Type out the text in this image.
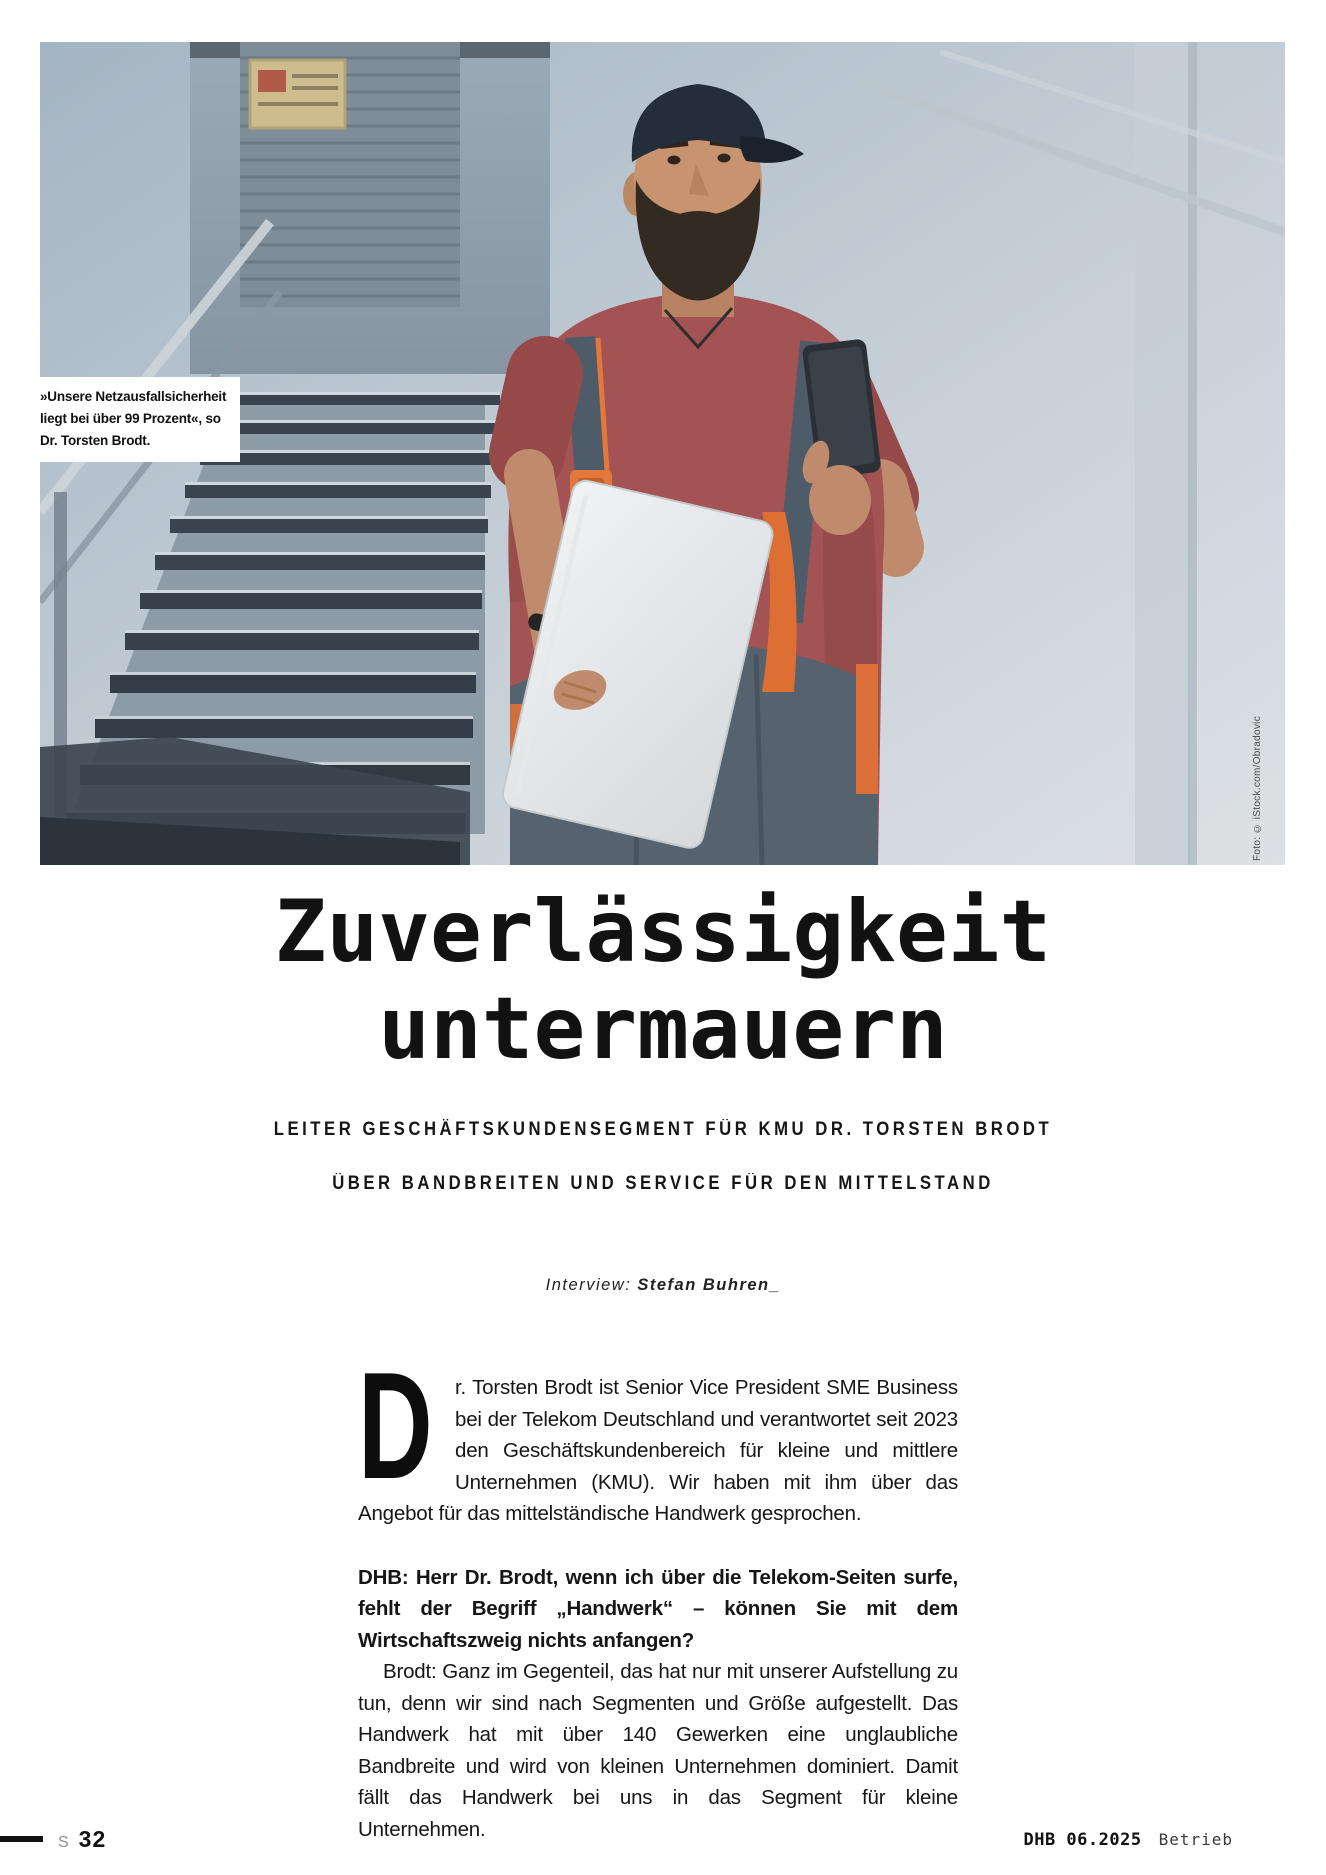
»Unsere Netzausfallsicherheit
liegt bei über 99 Prozent«, so
Dr. Torsten Brodt.
Foto: © iStock.com/Obradovic
Zuverlässigkeit
untermauern
LEITER GESCHÄFTSKUNDENSEGMENT FÜR KMU DR. TORSTEN BRODT
ÜBER BANDBREITEN UND SERVICE FÜR DEN MITTELSTAND
Interview: Stefan Buhren_

D r. Torsten Brodt ist Senior Vice President SME Business bei der Telekom Deutschland und verantwortet seit 2023 den Geschäftskundenbereich für kleine und mittlere Unternehmen (KMU). Wir haben mit ihm über das Angebot für das mittelständische Handwerk gesprochen.

DHB: Herr Dr. Brodt, wenn ich über die Telekom-Seiten surfe, fehlt der Begriff „Handwerk“ – können Sie mit dem Wirtschaftszweig nichts anfangen?

Brodt: Ganz im Gegenteil, das hat nur mit unserer Aufstellung zu tun, denn wir sind nach Segmenten und Größe aufgestellt. Das Handwerk hat mit über 140 Gewerken eine unglaubliche Bandbreite und wird von kleinen Unternehmen dominiert. Damit fällt das Handwerk bei uns in das Segment für kleine Unternehmen.

S 32	DHB 06.2025 Betrieb
